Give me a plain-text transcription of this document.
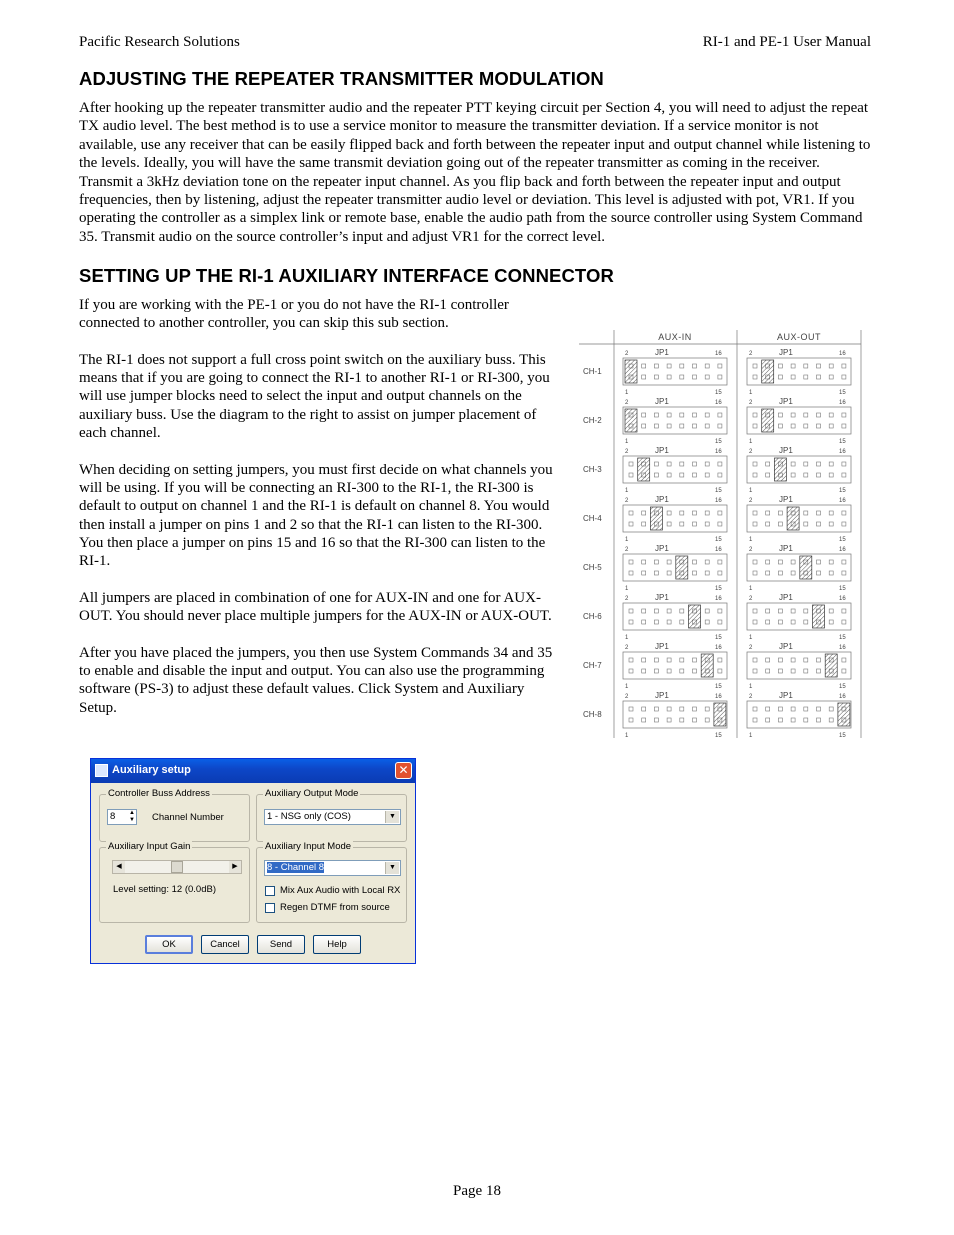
Pacific Research Solutions	RI-1 and PE-1 User Manual
ADJUSTING THE REPEATER TRANSMITTER MODULATION

After hooking up the repeater transmitter audio and the repeater PTT keying circuit per Section 4, you will need to adjust the repeat TX audio level. The best method is to use a service monitor to measure the transmitter deviation. If a service monitor is not available, use any receiver that can be easily flipped back and forth between the repeater input and output channel while listening to the levels. Ideally, you will have the same transmit deviation going out of the repeater transmitter as coming in the receiver. Transmit a 3kHz deviation tone on the repeater input channel. As you flip back and forth between the repeater input and output frequencies, then by listening, adjust the repeater transmitter audio level or deviation. This level is adjusted with pot, VR1. If you operating the controller as a simplex link or remote base, enable the audio path from the source controller using System Command 35. Transmit audio on the source controller’s input and adjust VR1 for the correct level.

SETTING UP THE RI-1 AUXILIARY INTERFACE CONNECTOR

If you are working with the PE-1 or you do not have the RI-1 controller connected to another controller, you can skip this sub section.

The RI-1 does not support a full cross point switch on the auxiliary buss. This means that if you are going to connect the RI-1 to another RI-1 or RI-300, you will use jumper blocks need to select the input and output channels on the auxiliary buss. Use the diagram to the right to assist on jumper placement of each channel.

When deciding on setting jumpers, you must first decide on what channels you will be using. If you will be connecting an RI-300 to the RI-1, the RI-300 is default to output on channel 1 and the RI-1 is default on channel 8. You would then install a jumper on pins 1 and 2 so that the RI-1 can listen to the RI-300. You then place a jumper on pins 15 and 16 so that the RI-300 can listen to the RI-1.

All jumpers are placed in combination of one for AUX-IN and one for AUX-OUT. You should never place multiple jumpers for the AUX-IN or AUX-OUT.

After you have placed the jumpers, you then use System Commands 34 and 35 to enable and disable the input and output. You can also use the programming software (PS-3) to adjust these default values. Click System and Auxiliary Setup.

AUX-IN	AUX-OUT
CH-1
2	JP1	16
1	15
2	JP1	16
1	15
CH-2
2	JP1	16
1	15
2	JP1	16
1	15
CH-3
2	JP1	16
1	15
2	JP1	16
1	15
CH-4
2	JP1	16
1	15
2	JP1	16
1	15
CH-5
2	JP1	16
1	15
2	JP1	16
1	15
CH-6
2	JP1	16
1	15
2	JP1	16
1	15
CH-7
2	JP1	16
1	15
2	JP1	16
1	15
CH-8
2	JP1	16
1	15
2	JP1	16
1	15
Auxiliary setup	✕
Controller Buss Address
8 ▲
▼ Channel Number
Auxiliary Output Mode
1 - NSG only (COS)	▼
Auxiliary Input Gain
◀	▶
Level setting: 12 (0.0dB)
Auxiliary Input Mode
8 - Channel 8	▼
Mix Aux Audio with Local RX
Regen DTMF from source
OK	Cancel	Send	Help
Page 18
